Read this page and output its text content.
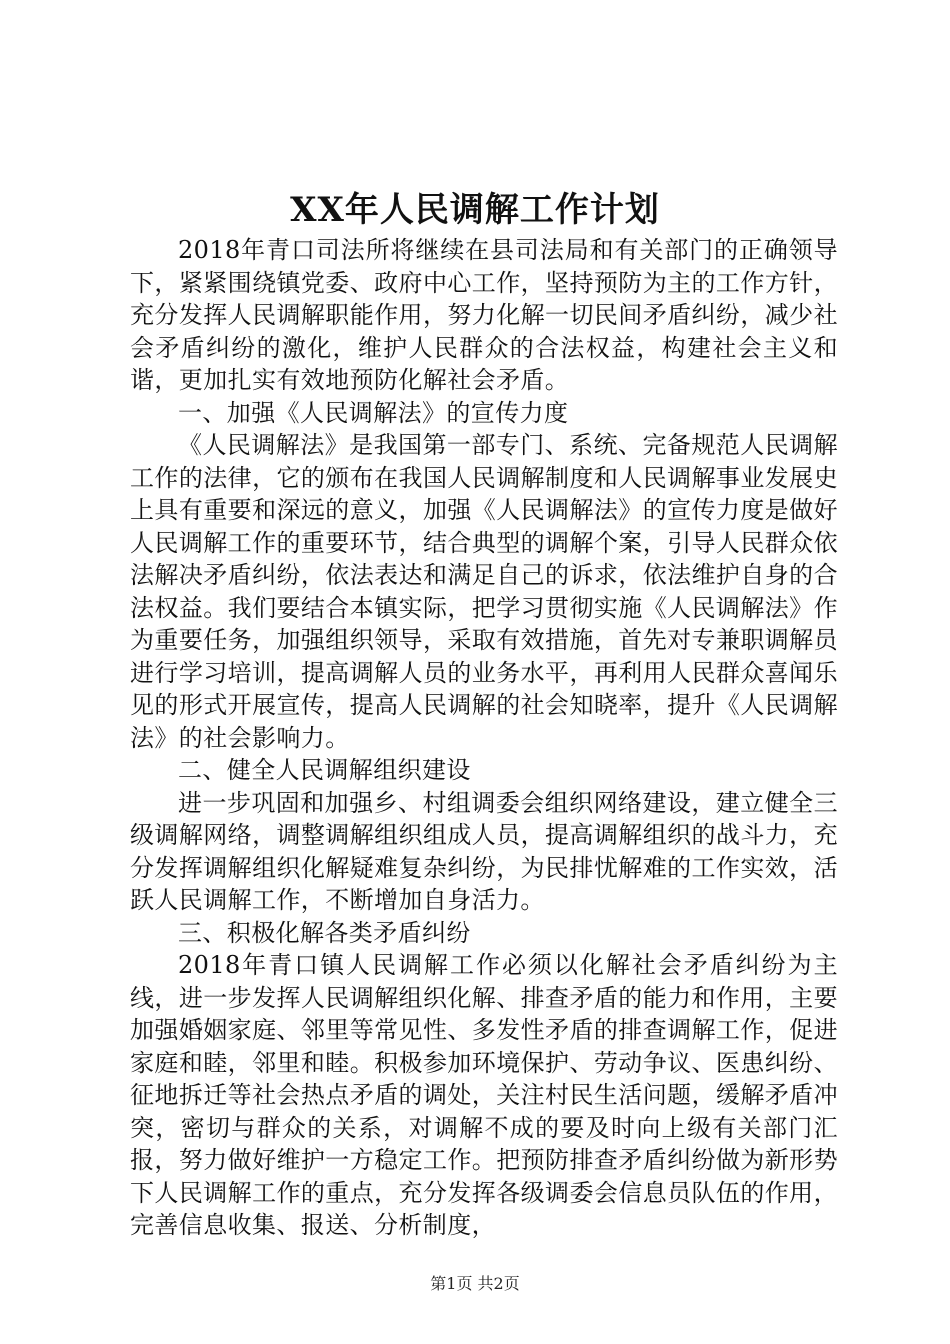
XX年人民调解工作计划

2018年青口司法所将继续在县司法局和有关部门的正确领导下，紧紧围绕镇党委、政府中心工作，坚持预防为主的工作方针，充分发挥人民调解职能作用，努力化解一切民间矛盾纠纷，减少社会矛盾纠纷的激化，维护人民群众的合法权益，构建社会主义和谐，更加扎实有效地预防化解社会矛盾。

一、加强《人民调解法》的宣传力度

《人民调解法》是我国第一部专门、系统、完备规范人民调解工作的法律，它的颁布在我国人民调解制度和人民调解事业发展史上具有重要和深远的意义，加强《人民调解法》的宣传力度是做好人民调解工作的重要环节，结合典型的调解个案，引导人民群众依法解决矛盾纠纷，依法表达和满足自己的诉求，依法维护自身的合法权益。我们要结合本镇实际，把学习贯彻实施《人民调解法》作为重要任务，加强组织领导，采取有效措施，首先对专兼职调解员进行学习培训，提高调解人员的业务水平，再利用人民群众喜闻乐见的形式开展宣传，提高人民调解的社会知晓率，提升《人民调解法》的社会影响力。

二、健全人民调解组织建设

进一步巩固和加强乡、村组调委会组织网络建设，建立健全三级调解网络，调整调解组织组成人员，提高调解组织的战斗力，充分发挥调解组织化解疑难复杂纠纷，为民排忧解难的工作实效，活跃人民调解工作，不断增加自身活力。

三、积极化解各类矛盾纠纷

2018年青口镇人民调解工作必须以化解社会矛盾纠纷为主线，进一步发挥人民调解组织化解、排查矛盾的能力和作用，主要加强婚姻家庭、邻里等常见性、多发性矛盾的排查调解工作，促进家庭和睦，邻里和睦。积极参加环境保护、劳动争议、医患纠纷、征地拆迁等社会热点矛盾的调处，关注村民生活问题，缓解矛盾冲突，密切与群众的关系，对调解不成的要及时向上级有关部门汇报，努力做好维护一方稳定工作。把预防排查矛盾纠纷做为新形势下人民调解工作的重点，充分发挥各级调委会信息员队伍的作用，完善信息收集、报送、分析制度，

第1页 共2页
